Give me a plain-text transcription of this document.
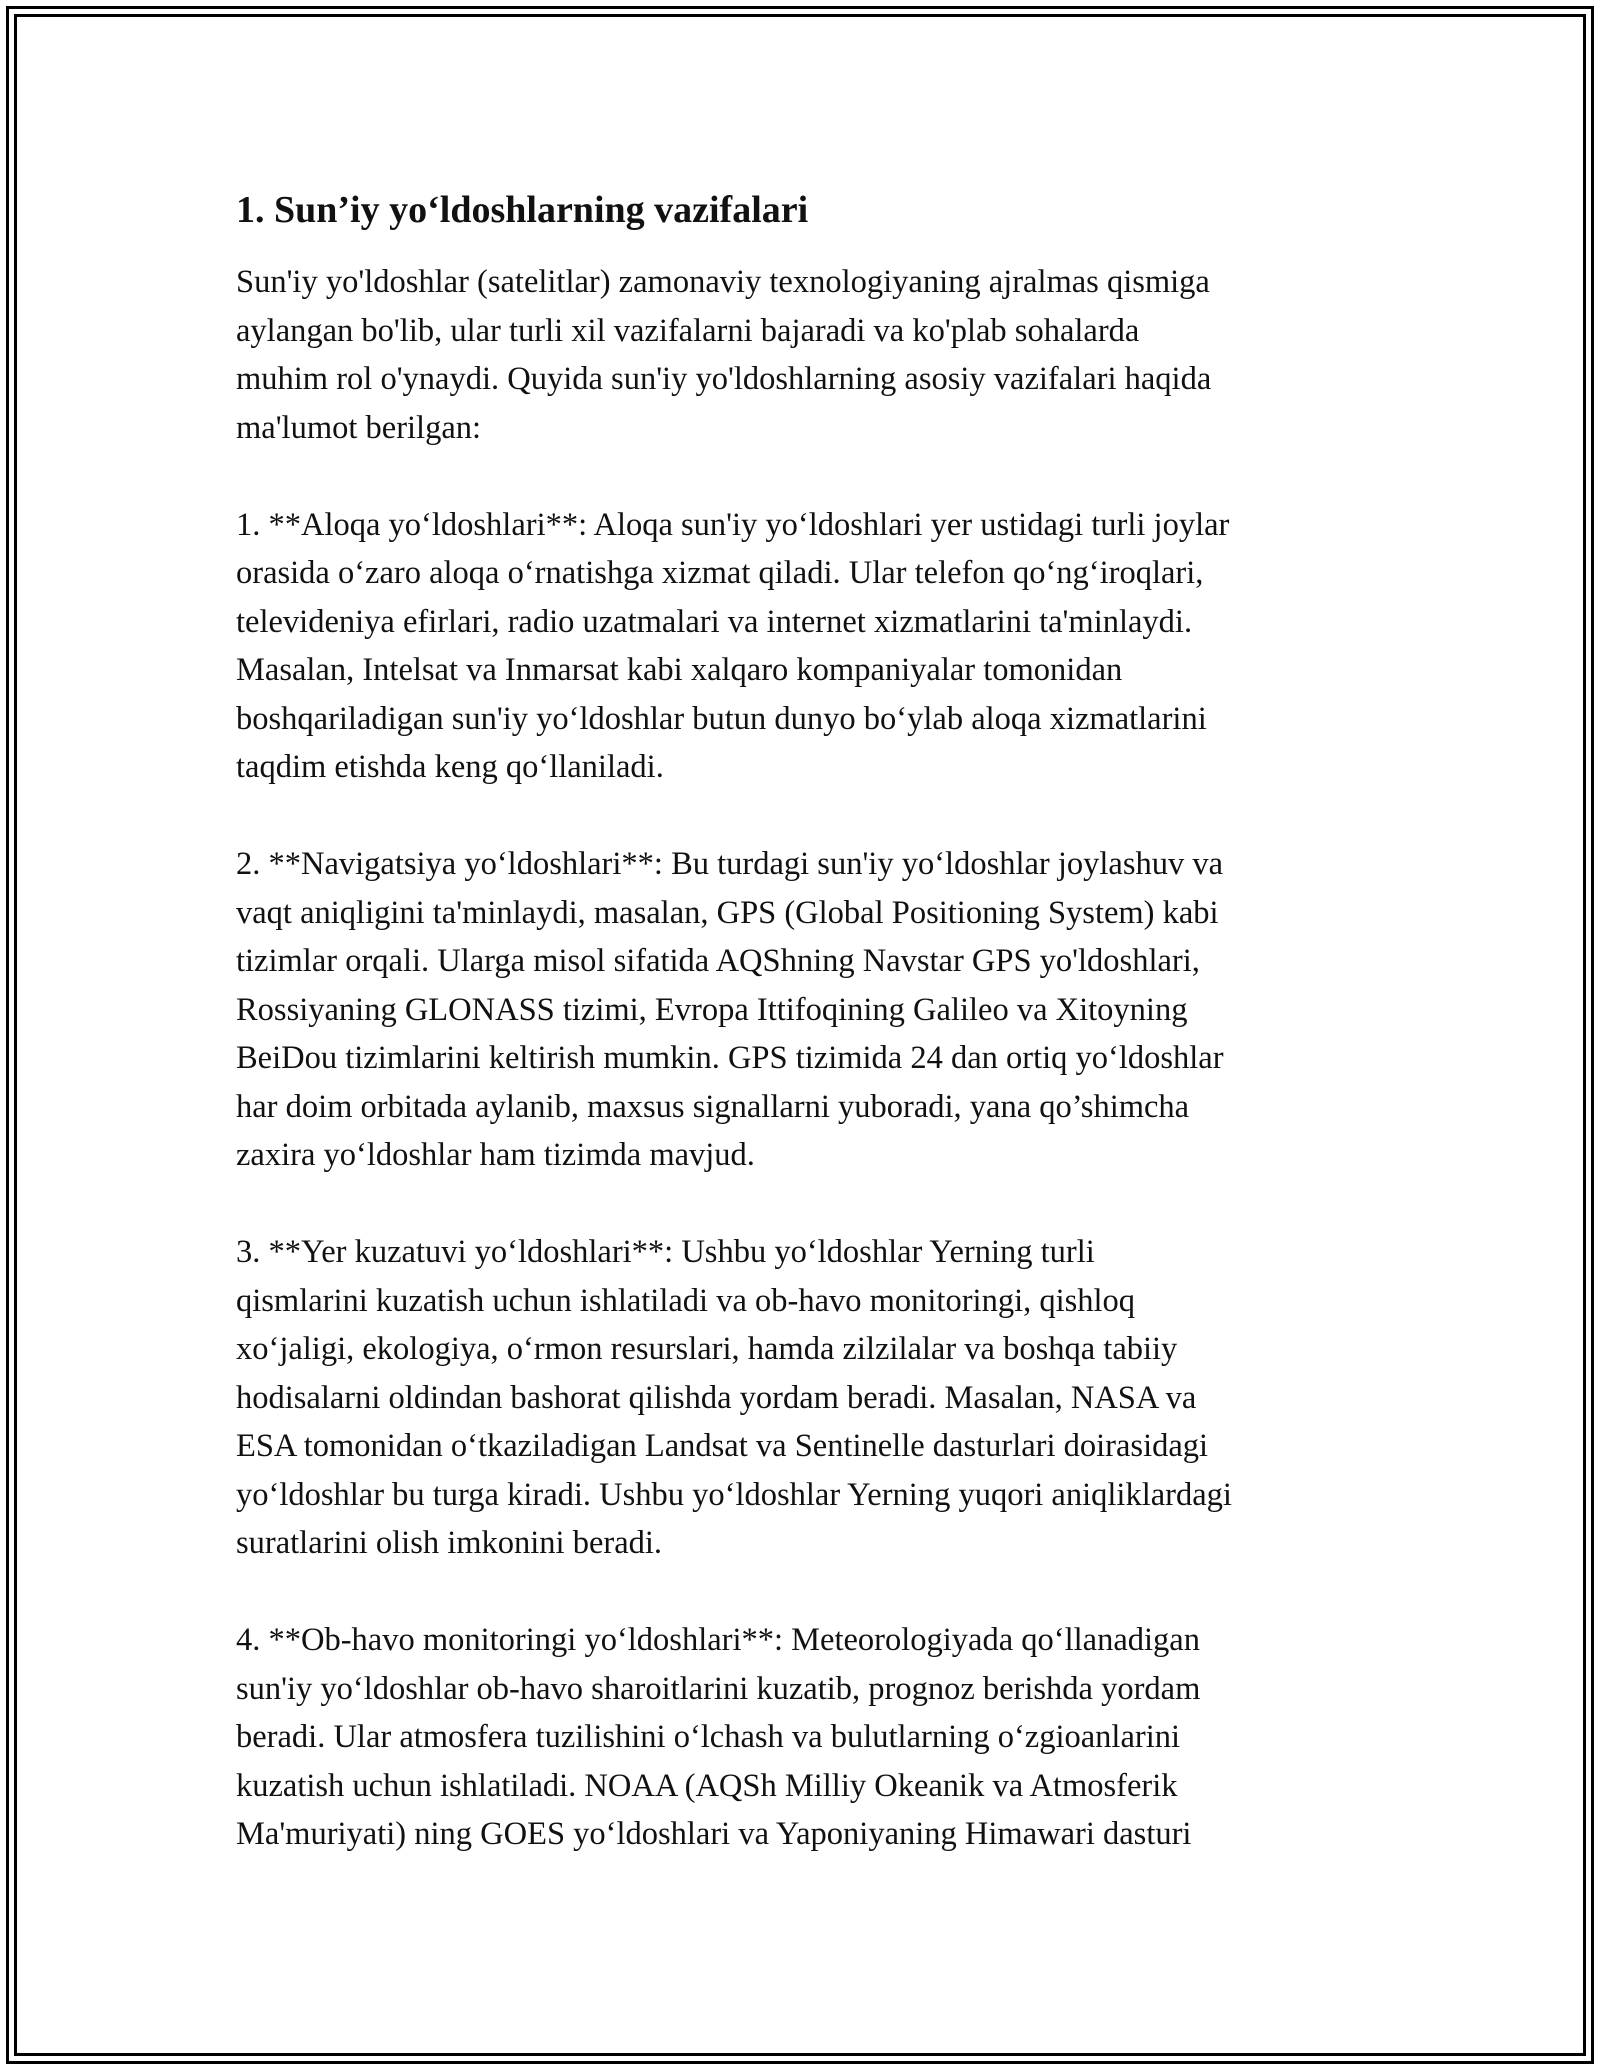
1. Sun’iy yo‘ldoshlarning vazifalari
Sun'iy yo'ldoshlar (satelitlar) zamonaviy texnologiyaning ajralmas qismiga
aylangan bo'lib, ular turli xil vazifalarni bajaradi va ko'plab sohalarda
muhim rol o'ynaydi. Quyida sun'iy yo'ldoshlarning asosiy vazifalari haqida
ma'lumot berilgan:
1. **Aloqa yo‘ldoshlari**: Aloqa sun'iy yo‘ldoshlari yer ustidagi turli joylar
orasida o‘zaro aloqa o‘rnatishga xizmat qiladi. Ular telefon qo‘ng‘iroqlari,
televideniya efirlari, radio uzatmalari va internet xizmatlarini ta'minlaydi.
Masalan, Intelsat va Inmarsat kabi xalqaro kompaniyalar tomonidan
boshqariladigan sun'iy yo‘ldoshlar butun dunyo bo‘ylab aloqa xizmatlarini
taqdim etishda keng qo‘llaniladi.
2. **Navigatsiya yo‘ldoshlari**: Bu turdagi sun'iy yo‘ldoshlar joylashuv va
vaqt aniqligini ta'minlaydi, masalan, GPS (Global Positioning System) kabi
tizimlar orqali. Ularga misol sifatida AQShning Navstar GPS yo'ldoshlari,
Rossiyaning GLONASS tizimi, Evropa Ittifoqining Galileo va Xitoyning
BeiDou tizimlarini keltirish mumkin. GPS tizimida 24 dan ortiq yo‘ldoshlar
har doim orbitada aylanib, maxsus signallarni yuboradi, yana qo’shimcha
zaxira yo‘ldoshlar ham tizimda mavjud.
3. **Yer kuzatuvi yo‘ldoshlari**: Ushbu yo‘ldoshlar Yerning turli
qismlarini kuzatish uchun ishlatiladi va ob-havo monitoringi, qishloq
xo‘jaligi, ekologiya, o‘rmon resurslari, hamda zilzilalar va boshqa tabiiy
hodisalarni oldindan bashorat qilishda yordam beradi. Masalan, NASA va
ESA tomonidan o‘tkaziladigan Landsat va Sentinelle dasturlari doirasidagi
yo‘ldoshlar bu turga kiradi. Ushbu yo‘ldoshlar Yerning yuqori aniqliklardagi
suratlarini olish imkonini beradi.
4. **Ob-havo monitoringi yo‘ldoshlari**: Meteorologiyada qo‘llanadigan
sun'iy yo‘ldoshlar ob-havo sharoitlarini kuzatib, prognoz berishda yordam
beradi. Ular atmosfera tuzilishini o‘lchash va bulutlarning o‘zgioanlarini
kuzatish uchun ishlatiladi. NOAA (AQSh Milliy Okeanik va Atmosferik
Ma'muriyati) ning GOES yo‘ldoshlari va Yaponiyaning Himawari dasturi
